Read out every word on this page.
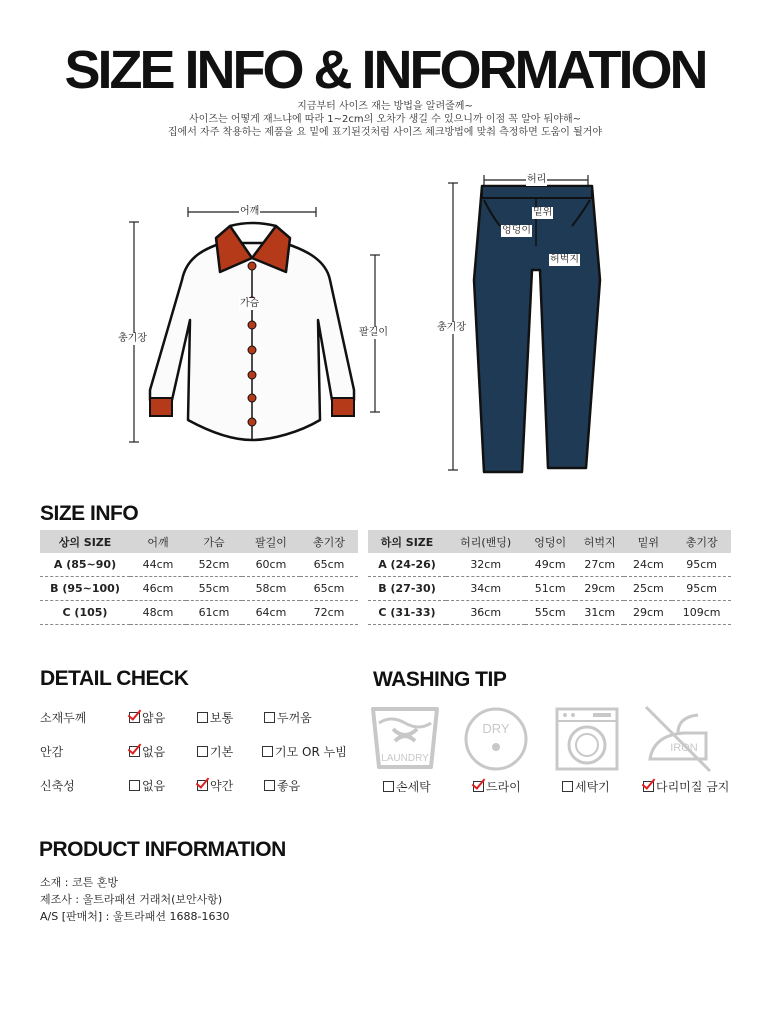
SIZE INFO & INFORMATION
지금부터 사이즈 재는 방법을 알려줄께~
사이즈는 어떻게 재느냐에 따라 1~2cm의 오차가 생길 수 있으니까 이점 꼭 알아 둬야해~
집에서 자주 착용하는 제품을 요 밑에 표기된것처럼 사이즈 체크방법에 맞춰 측정하면 도움이 될거야
어깨
가슴
총기장
팔길이
허리
밑위
엉덩이
허벅지
총기장
SIZE INFO
상의 SIZE	어깨	가슴	팔길이	총기장
A (85~90)	44cm	52cm	60cm	65cm
B (95~100)	46cm	55cm	58cm	65cm
C (105)	48cm	61cm	64cm	72cm
하의 SIZE	허리(밴딩)	엉덩이	허벅지	밑위	총기장
A (24-26)	32cm	49cm	27cm	24cm	95cm
B (27-30)	34cm	51cm	29cm	25cm	95cm
C (31-33)	36cm	55cm	31cm	29cm	109cm
DETAIL CHECK
소재두께	얇음	보통	두꺼움
안감	없음	기본	기모 OR 누빔
신축성	없음	약간	좋음
WASHING TIP
LAUNDRY
DRY
IRON
손세탁	드라이	세탁기	다리미질 금지
PRODUCT INFORMATION
소재 : 코튼 혼방
제조사 : 울트라패션 거래처(보안사항)
A/S [판매처] : 울트라패션 1688-1630
